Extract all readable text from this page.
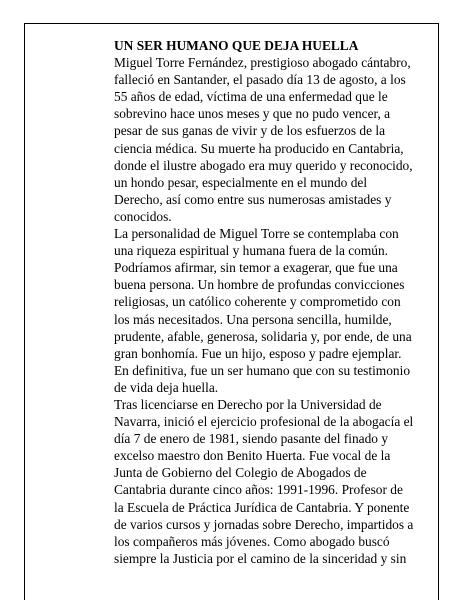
UN SER HUMANO QUE DEJA HUELLA

Miguel Torre Fernández, prestigioso abogado cántabro,
falleció en Santander, el pasado día 13 de agosto, a los
55 años de edad, víctima de una enfermedad que le
sobrevino hace unos meses y que no pudo vencer, a
pesar de sus ganas de vivir y de los esfuerzos de la
ciencia médica. Su muerte ha producido en Cantabria,
donde el ilustre abogado era muy querido y reconocido,
un hondo pesar, especialmente en el mundo del
Derecho, así como entre sus numerosas amistades y
conocidos.

La personalidad de Miguel Torre se contemplaba con
una riqueza espiritual y humana fuera de la común.
Podríamos afirmar, sin temor a exagerar, que fue una
buena persona. Un hombre de profundas convicciones
religiosas, un católico coherente y comprometido con
los más necesitados. Una persona sencilla, humilde,
prudente, afable, generosa, solidaria y, por ende, de una
gran bonhomía. Fue un hijo, esposo y padre ejemplar.
En definitiva, fue un ser humano que con su testimonio
de vida deja huella.

Tras licenciarse en Derecho por la Universidad de
Navarra, inició el ejercicio profesional de la abogacía el
día 7 de enero de 1981, siendo pasante del finado y
excelso maestro don Benito Huerta. Fue vocal de la
Junta de Gobierno del Colegio de Abogados de
Cantabria durante cinco años: 1991-1996. Profesor de
la Escuela de Práctica Jurídica de Cantabria. Y ponente
de varios cursos y jornadas sobre Derecho, impartidos a
los compañeros más jóvenes. Como abogado buscó
siempre la Justicia por el camino de la sinceridad y sin
